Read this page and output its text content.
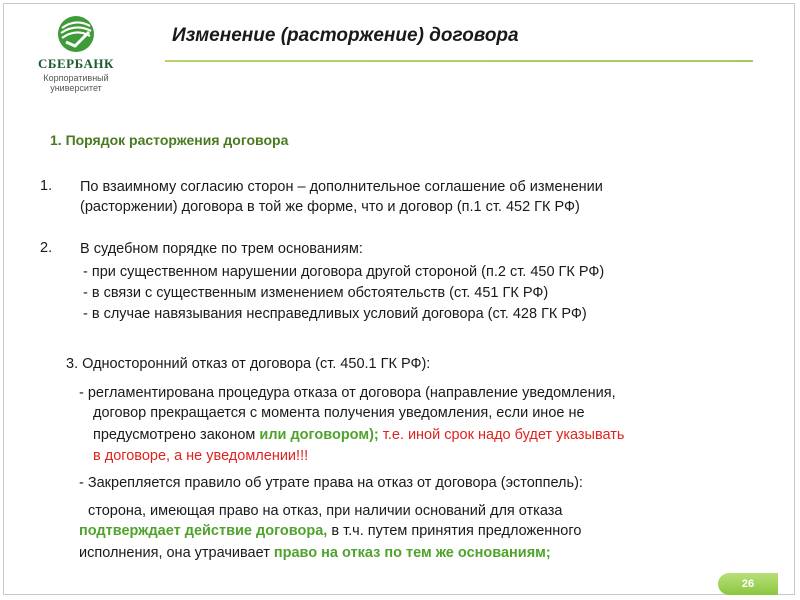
СБЕРБАНК
Корпоративный
университет
Изменение (расторжение) договора
1. Порядок расторжения договора
1. По взаимному согласию сторон – дополнительное соглашение об изменении
(расторжении) договора в той же форме, что и договор (п.1 ст. 452 ГК РФ)
2. В судебном порядке по трем основаниям:
- при существенном нарушении договора другой стороной (п.2 ст. 450 ГК РФ)
- в связи с существенным изменением обстоятельств (ст. 451 ГК РФ)
- в случае навязывания несправедливых условий договора (ст. 428 ГК РФ)
3. Односторонний отказ от договора (ст. 450.1 ГК РФ):
- регламентирована процедура отказа от договора (направление уведомления,
договор прекращается с момента получения уведомления, если иное не
предусмотрено законом или договором); т.е. иной срок надо будет указывать
в договоре, а не уведомлении!!!
- Закрепляется правило об утрате права на отказ от договора (эстоппель):
сторона, имеющая право на отказ, при наличии оснований для отказа
подтверждает действие договора, в т.ч. путем принятия предложенного
исполнения, она утрачивает право на отказ по тем же основаниям;
26
